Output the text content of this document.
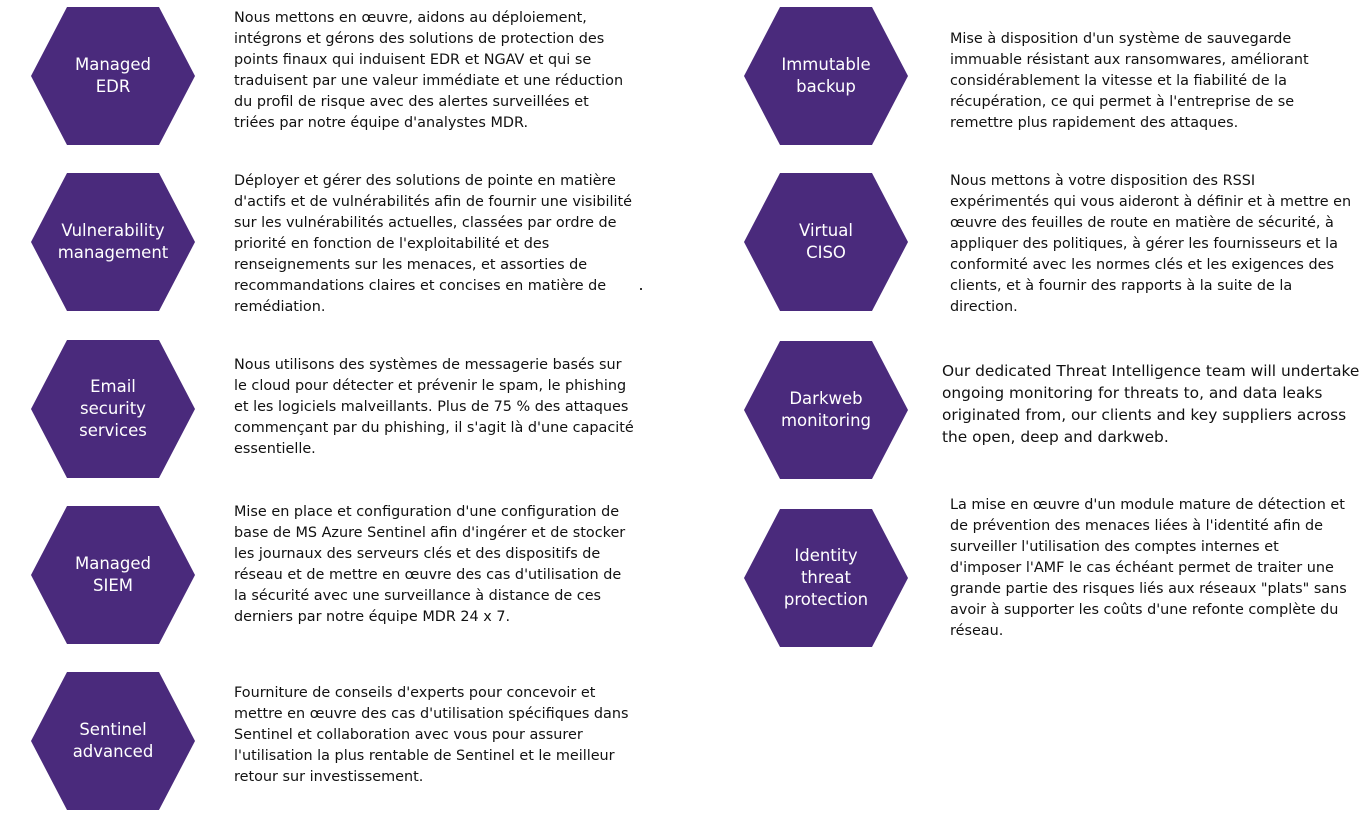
Managed
EDR

Nous mettons en œuvre, aidons au déploiement, intégrons et gérons des solutions de protection des points finaux qui induisent EDR et NGAV et qui se traduisent par une valeur immédiate et une réduction du profil de risque avec des alertes surveillées et triées par notre équipe d'analystes MDR.

Vulnerability
management

Déployer et gérer des solutions de pointe en matière d'actifs et de vulnérabilités afin de fournir une visibilité sur les vulnérabilités actuelles, classées par ordre de priorité en fonction de l'exploitabilité et des renseignements sur les menaces, et assorties de recommandations claires et concises en matière de remédiation.

Email
security
services

Nous utilisons des systèmes de messagerie basés sur le cloud pour détecter et prévenir le spam, le phishing et les logiciels malveillants. Plus de 75 % des attaques commençant par du phishing, il s'agit là d'une capacité essentielle.

Managed
SIEM

Mise en place et configuration d'une configuration de base de MS Azure Sentinel afin d'ingérer et de stocker les journaux des serveurs clés et des dispositifs de réseau et de mettre en œuvre des cas d'utilisation de la sécurité avec une surveillance à distance de ces derniers par notre équipe MDR 24 x 7.

Sentinel
advanced

Fourniture de conseils d'experts pour concevoir et mettre en œuvre des cas d'utilisation spécifiques dans Sentinel et collaboration avec vous pour assurer l'utilisation la plus rentable de Sentinel et le meilleur retour sur investissement.

Immutable
backup

Mise à disposition d'un système de sauvegarde immuable résistant aux ransomwares, améliorant considérablement la vitesse et la fiabilité de la récupération, ce qui permet à l'entreprise de se remettre plus rapidement des attaques.

Virtual
CISO

Nous mettons à votre disposition des RSSI expérimentés qui vous aideront à définir et à mettre en œuvre des feuilles de route en matière de sécurité, à appliquer des politiques, à gérer les fournisseurs et la conformité avec les normes clés et les exigences des clients, et à fournir des rapports à la suite de la direction.

Darkweb
monitoring

Our dedicated Threat Intelligence team will undertake ongoing monitoring for threats to, and data leaks originated from, our clients and key suppliers across the open, deep and darkweb.

Identity
threat
protection

La mise en œuvre d'un module mature de détection et de prévention des menaces liées à l'identité afin de surveiller l'utilisation des comptes internes et d'imposer l'AMF le cas échéant permet de traiter une grande partie des risques liés aux réseaux "plats" sans avoir à supporter les coûts d'une refonte complète du réseau.
